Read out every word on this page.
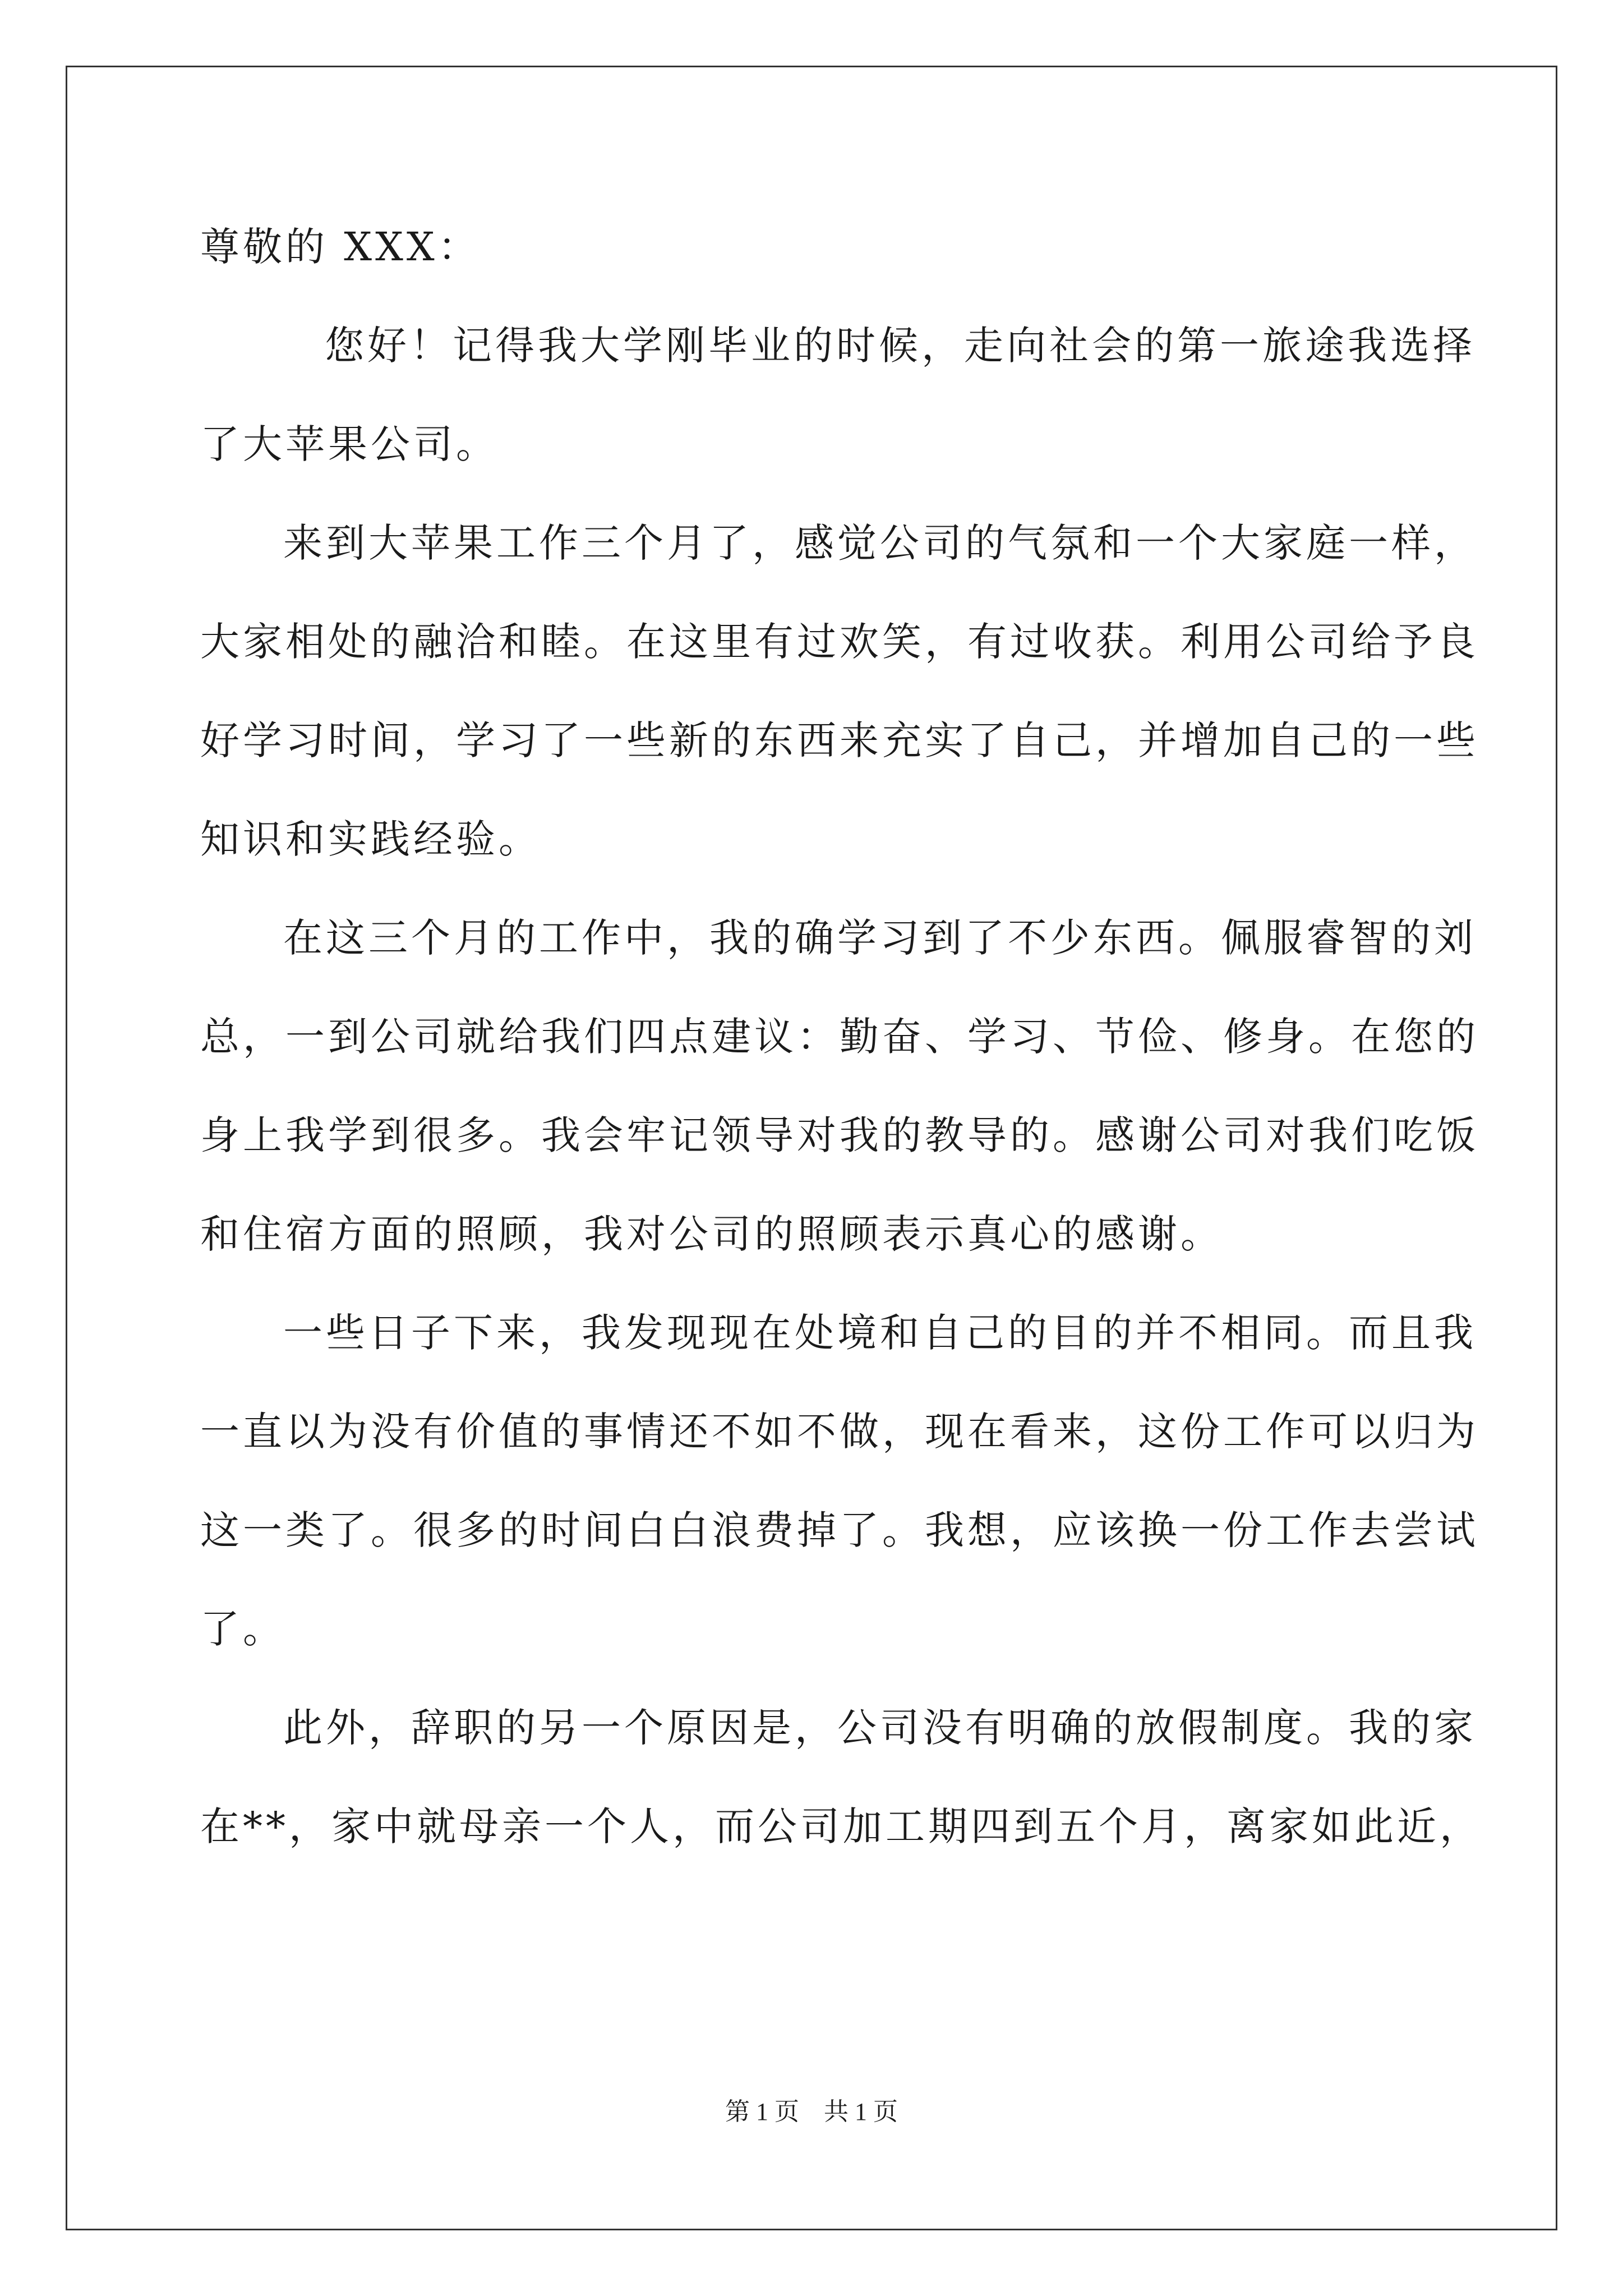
尊敬的 XXX：
您好！记得我大学刚毕业的时候，走向社会的第一旅途我选择
了大苹果公司。
来到大苹果工作三个月了，感觉公司的气氛和一个大家庭一样，
大家相处的融洽和睦。在这里有过欢笑，有过收获。利用公司给予良
好学习时间，学习了一些新的东西来充实了自己，并增加自己的一些
知识和实践经验。
在这三个月的工作中，我的确学习到了不少东西。佩服睿智的刘
总，一到公司就给我们四点建议：勤奋、学习、节俭、修身。在您的
身上我学到很多。我会牢记领导对我的教导的。感谢公司对我们吃饭
和住宿方面的照顾，我对公司的照顾表示真心的感谢。
一些日子下来，我发现现在处境和自己的目的并不相同。而且我
一直以为没有价值的事情还不如不做，现在看来，这份工作可以归为
这一类了。很多的时间白白浪费掉了。我想，应该换一份工作去尝试
了。
此外，辞职的另一个原因是，公司没有明确的放假制度。我的家
在**，家中就母亲一个人，而公司加工期四到五个月，离家如此近，
第 1 页　共 1 页
